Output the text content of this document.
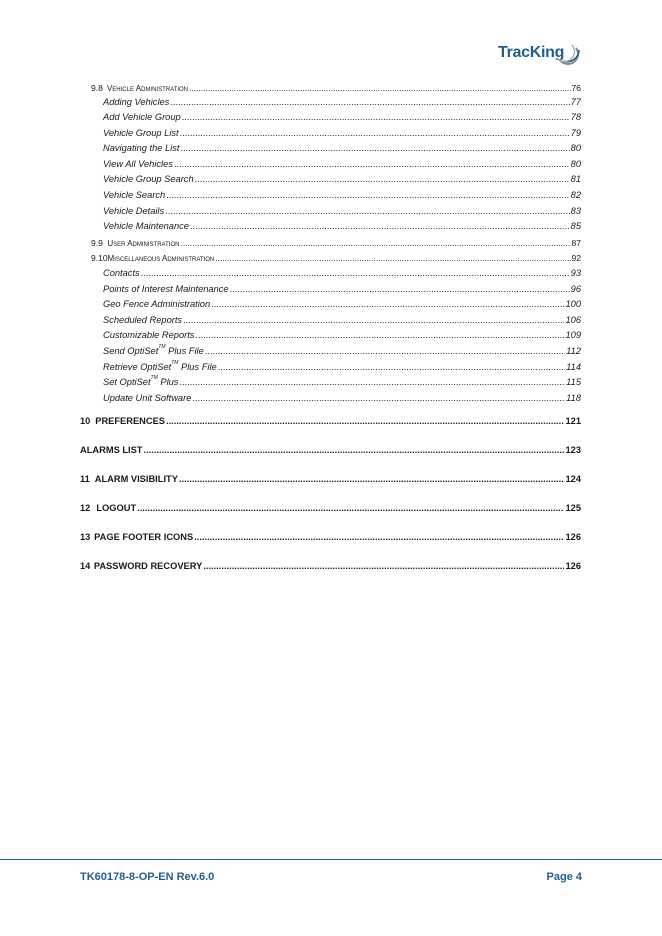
TracKing
9.8 Vehicle Administration .....	76
Adding Vehicles .....	77
Add Vehicle Group .....	78
Vehicle Group List .....	79
Navigating the List .....	80
View All Vehicles .....	80
Vehicle Group Search .....	81
Vehicle Search .....	82
Vehicle Details .....	83
Vehicle Maintenance .....	85
9.9 User Administration .....	87
9.10 Miscellaneous Administration .....	92
Contacts .....	93
Points of Interest Maintenance .....	96
Geo Fence Administration .....	100
Scheduled Reports .....	106
Customizable Reports .....	109
Send OptiSet™ Plus File .....	112
Retrieve OptiSet™ Plus File .....	114
Set OptiSet™ Plus .....	115
Update Unit Software .....	118
10 PREFERENCES .....	121
ALARMS LIST .....	123
11 ALARM VISIBILITY .....	124
12 LOGOUT .....	125
13 PAGE FOOTER ICONS .....	126
14 PASSWORD RECOVERY .....	126
TK60178-8-OP-EN Rev.6.0	Page 4
